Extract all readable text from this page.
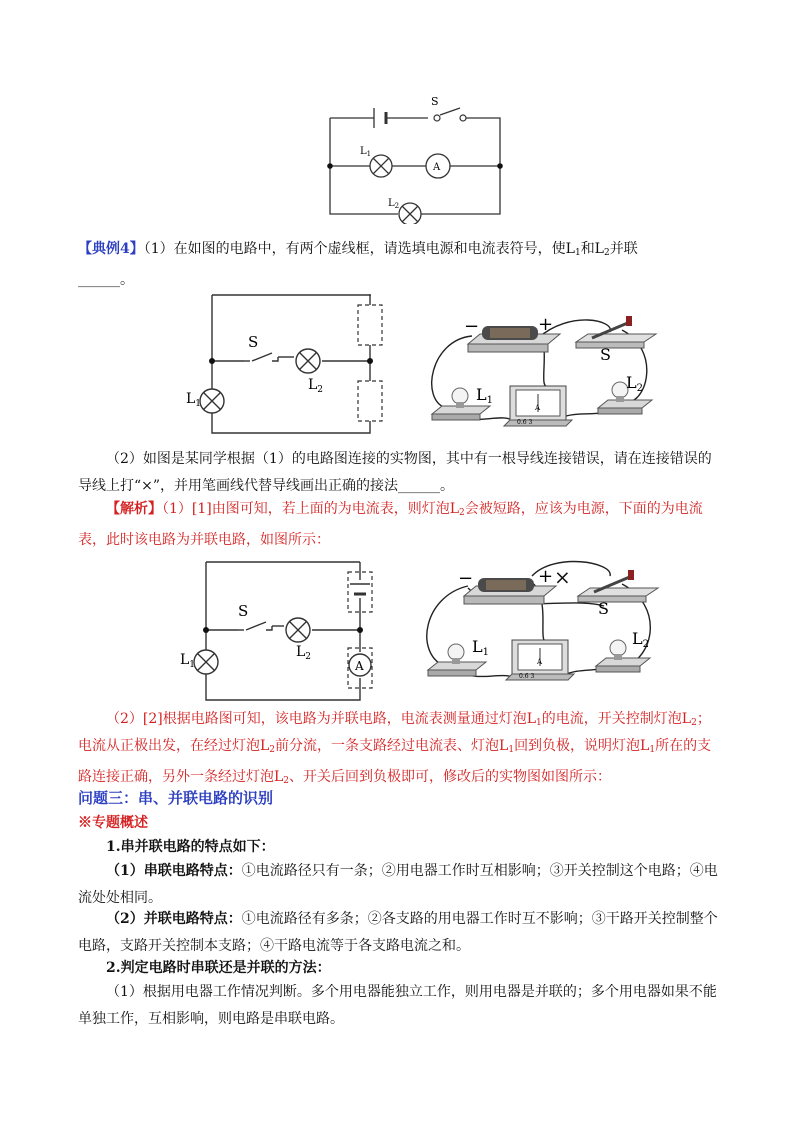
S
$L_1$
A
$L_2$
【典例4】（1）在如图的电路中，有两个虚线框，请选填电源和电流表符号，使$L_1$和$L_2$并联
______。
S
$L_2$
$L_1$
−	+
S
L1
A
0.6 3
L2
（2）如图是某同学根据（1）的电路图连接的实物图，其中有一根导线连接错误，请在连接错误的
导线上打“×”，并用笔画线代替导线画出正确的接法______。
【解析】（1）[1]由图可知，若上面的为电流表，则灯泡$L_2$会被短路，应该为电源，下面的为电流
表，此时该电路为并联电路，如图所示：
A
S
$L_2$
$L_1$
−	+ ×
S
L1
A
0.6 3
L2
（2）[2]根据电路图可知，该电路为并联电路，电流表测量通过灯泡$L_1$的电流，开关控制灯泡$L_2$；
电流从正极出发，在经过灯泡$L_2$前分流，一条支路经过电流表、灯泡$L_1$回到负极，说明灯泡$L_1$所在的支
路连接正确，另外一条经过灯泡$L_2$、开关后回到负极即可，修改后的实物图如图所示：
问题三：串、并联电路的识别
※专题概述
1.串并联电路的特点如下：
（1）串联电路特点：①电流路径只有一条；②用电器工作时互相影响；③开关控制这个电路；④电
流处处相同。
（2）并联电路特点：①电流路径有多条；②各支路的用电器工作时互不影响；③干路开关控制整个
电路，支路开关控制本支路；④干路电流等于各支路电流之和。
2.判定电路时串联还是并联的方法：
（1）根据用电器工作情况判断。多个用电器能独立工作，则用电器是并联的；多个用电器如果不能
单独工作，互相影响，则电路是串联电路。
